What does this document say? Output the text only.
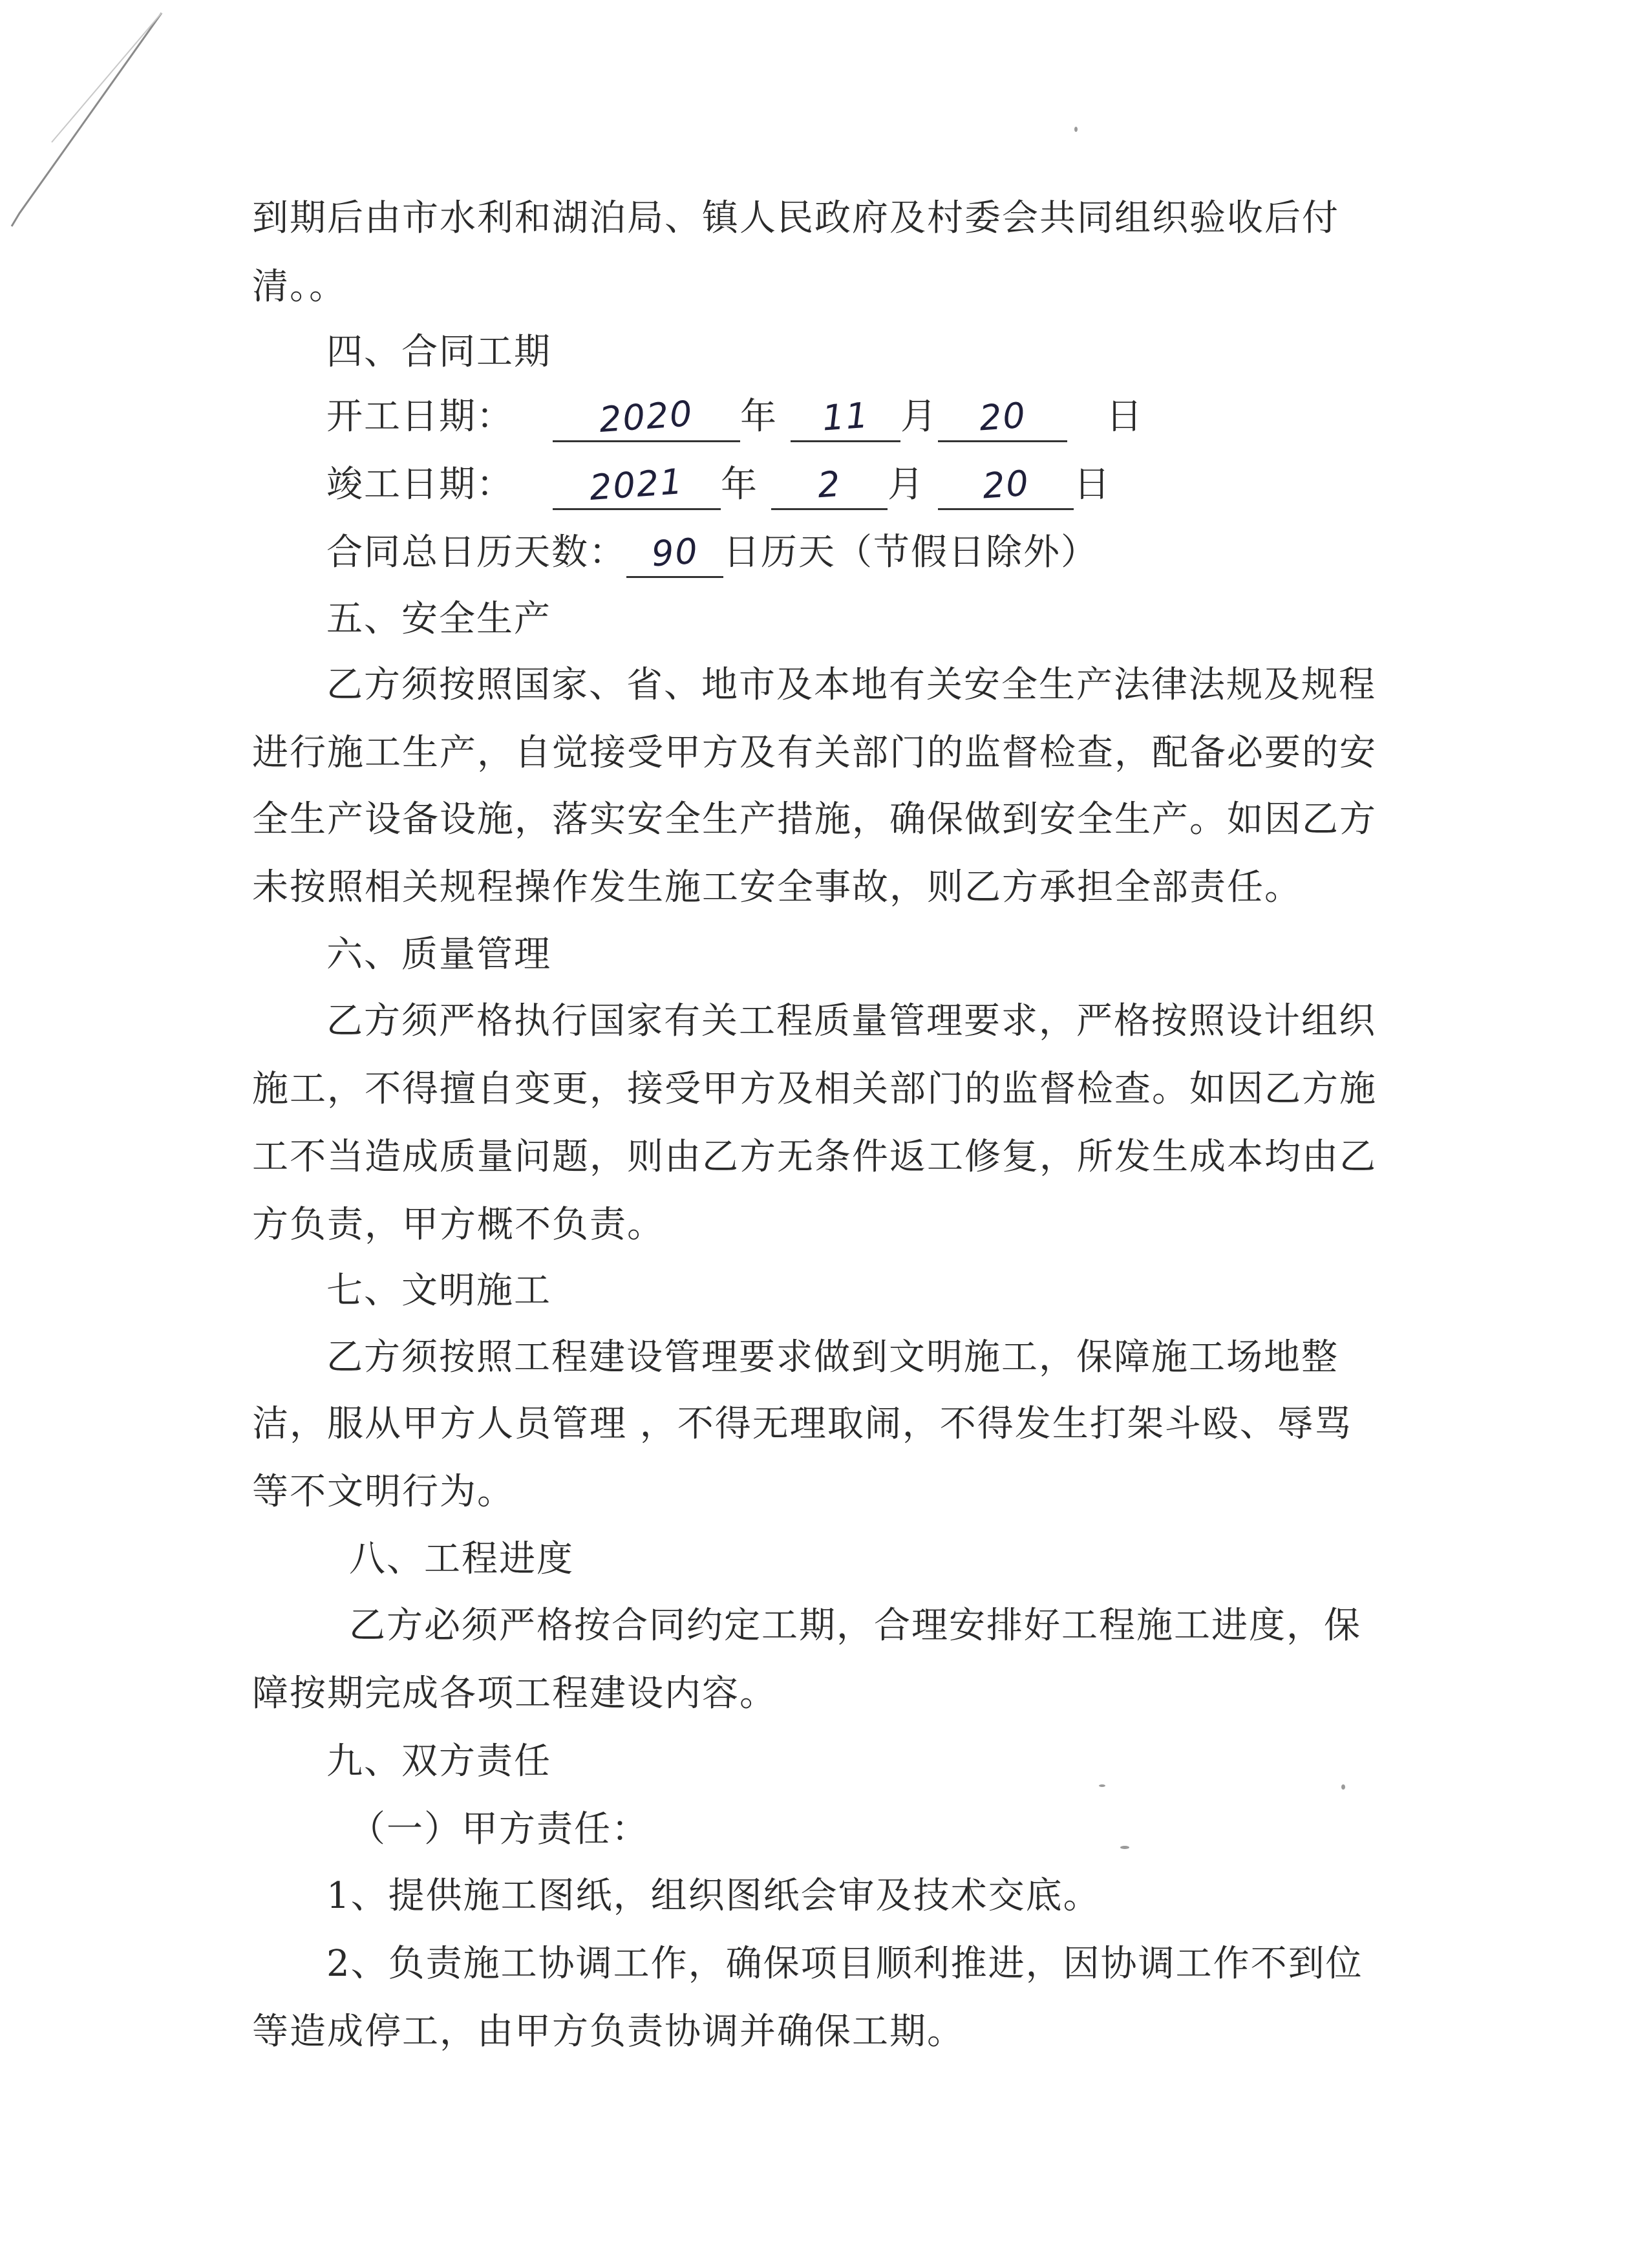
到期后由市水利和湖泊局、镇人民政府及村委会共同组织验收后付
清。。
四、合同工期
开工日期： 2020 年 11 月 20 日
竣工日期： 2021 年 2 月 20 日
合同总日历天数： 90 日历天（节假日除外）
五、安全生产
乙方须按照国家、省、地市及本地有关安全生产法律法规及规程
进行施工生产，自觉接受甲方及有关部门的监督检查，配备必要的安
全生产设备设施，落实安全生产措施，确保做到安全生产。如因乙方
未按照相关规程操作发生施工安全事故，则乙方承担全部责任。
六、质量管理
乙方须严格执行国家有关工程质量管理要求，严格按照设计组织
施工，不得擅自变更，接受甲方及相关部门的监督检查。如因乙方施
工不当造成质量问题，则由乙方无条件返工修复，所发生成本均由乙
方负责，甲方概不负责。
七、文明施工
乙方须按照工程建设管理要求做到文明施工，保障施工场地整
洁，服从甲方人员管理 ，不得无理取闹，不得发生打架斗殴、辱骂
等不文明行为。
八、工程进度
乙方必须严格按合同约定工期，合理安排好工程施工进度，保
障按期完成各项工程建设内容。
九、双方责任
（一）甲方责任：
1、提供施工图纸，组织图纸会审及技术交底。
2、负责施工协调工作，确保项目顺利推进，因协调工作不到位
等造成停工，由甲方负责协调并确保工期。
